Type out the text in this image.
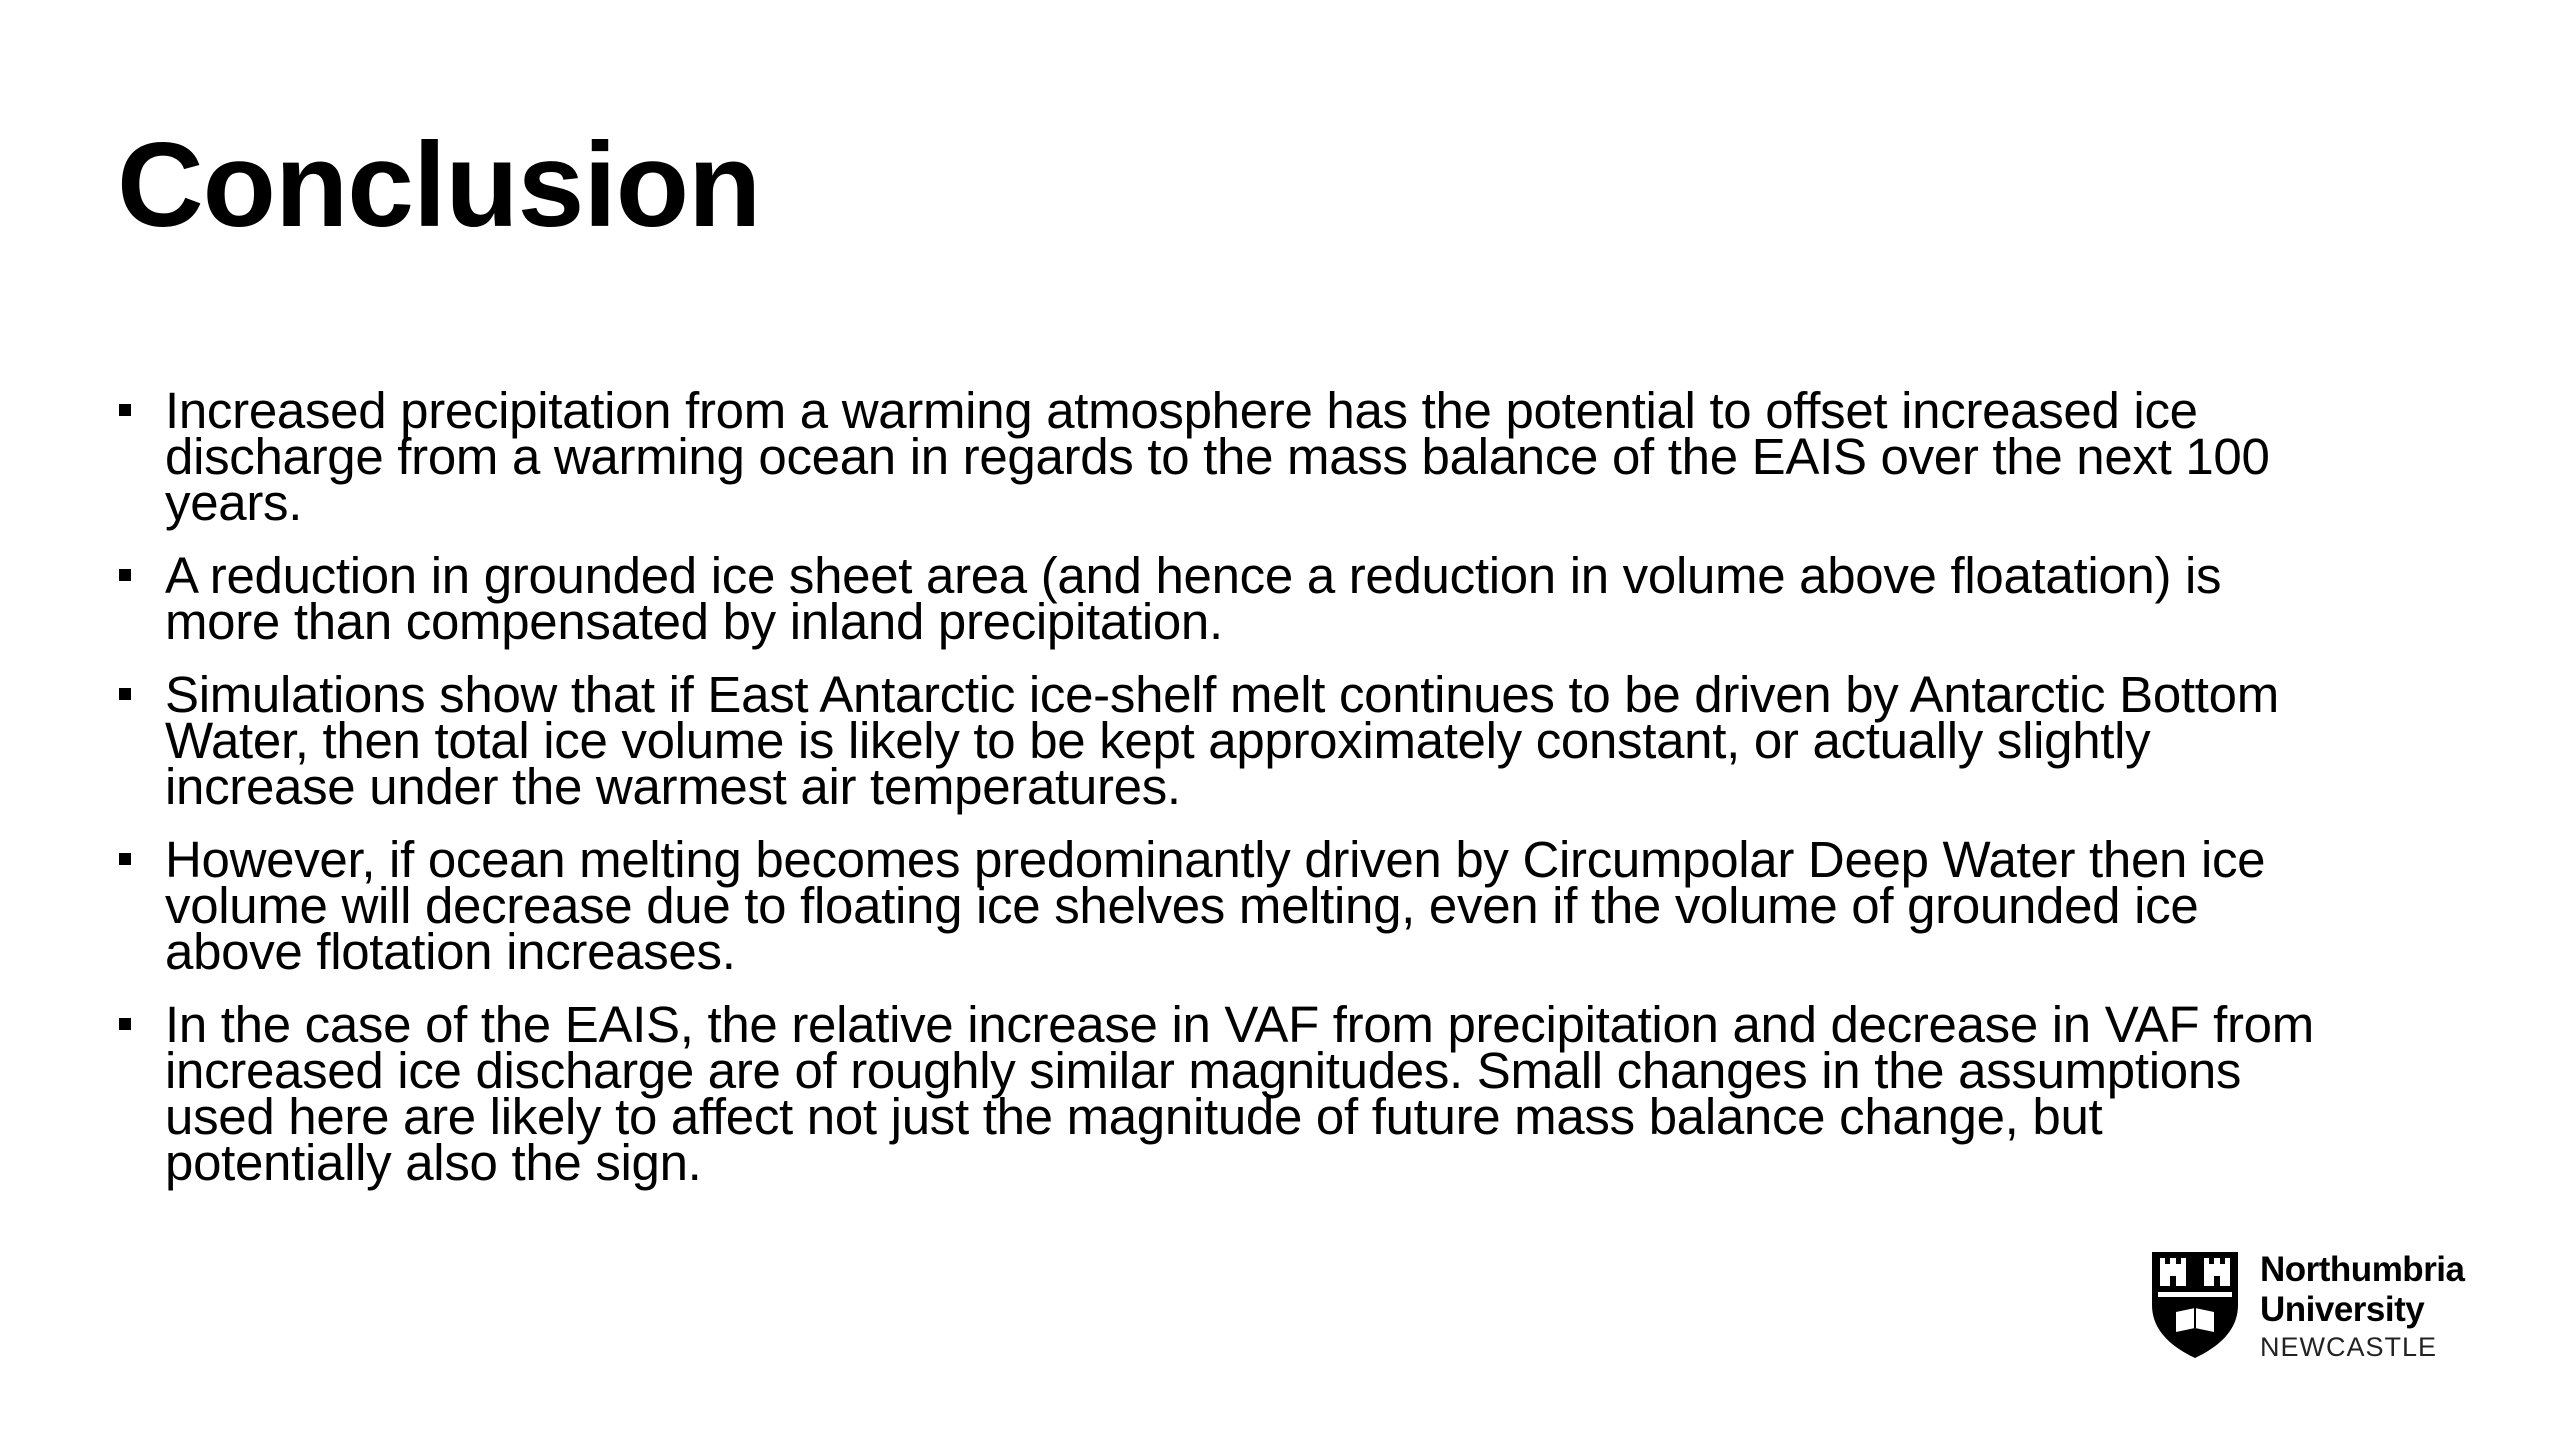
Conclusion
Increased precipitation from a warming atmosphere has the potential to offset increased ice
discharge from a warming ocean in regards to the mass balance of the EAIS over the next 100
years.
A reduction in grounded ice sheet area (and hence a reduction in volume above floatation) is
more than compensated by inland precipitation.
Simulations show that if East Antarctic ice-shelf melt continues to be driven by Antarctic Bottom
Water, then total ice volume is likely to be kept approximately constant, or actually slightly
increase under the warmest air temperatures.
However, if ocean melting becomes predominantly driven by Circumpolar Deep Water then ice
volume will decrease due to floating ice shelves melting, even if the volume of grounded ice
above flotation increases.
In the case of the EAIS, the relative increase in VAF from precipitation and decrease in VAF from
increased ice discharge are of roughly similar magnitudes. Small changes in the assumptions
used here are likely to affect not just the magnitude of future mass balance change, but
potentially also the sign.
Northumbria
University
NEWCASTLE
